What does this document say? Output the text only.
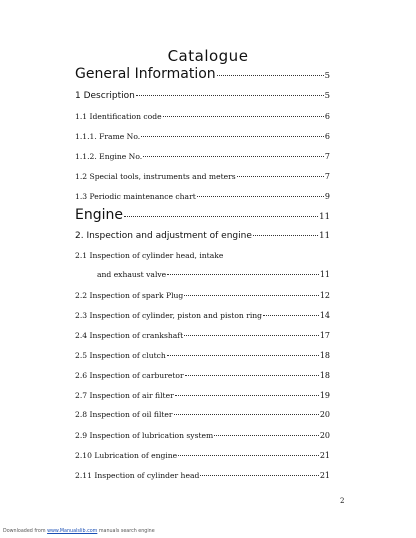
Catalogue
General Information	5
1 Description	5
1.1 Identification code	6
1.1.1. Frame No.	6
1.1.2. Engine No.	7
1.2 Special tools, instruments and meters	7
1.3 Periodic maintenance chart	9
Engine	11
2. Inspection and adjustment of engine	11
2.1 Inspection of cylinder head, intake
and exhaust valve	11
2.2 Inspection of spark Plug	12
2.3 Inspection of cylinder, piston and piston ring	14
2.4 Inspection of crankshaft	17
2.5 Inspection of clutch	18
2.6 Inspection of carburetor	18
2.7 Inspection of air filter	19
2.8 Inspection of oil filter	20
2.9 Inspection of lubrication system	20
2.10 Lubrication of engine	21
2.11 Inspection of cylinder head	21
2
Downloaded from www.Manualslib.com manuals search engine
